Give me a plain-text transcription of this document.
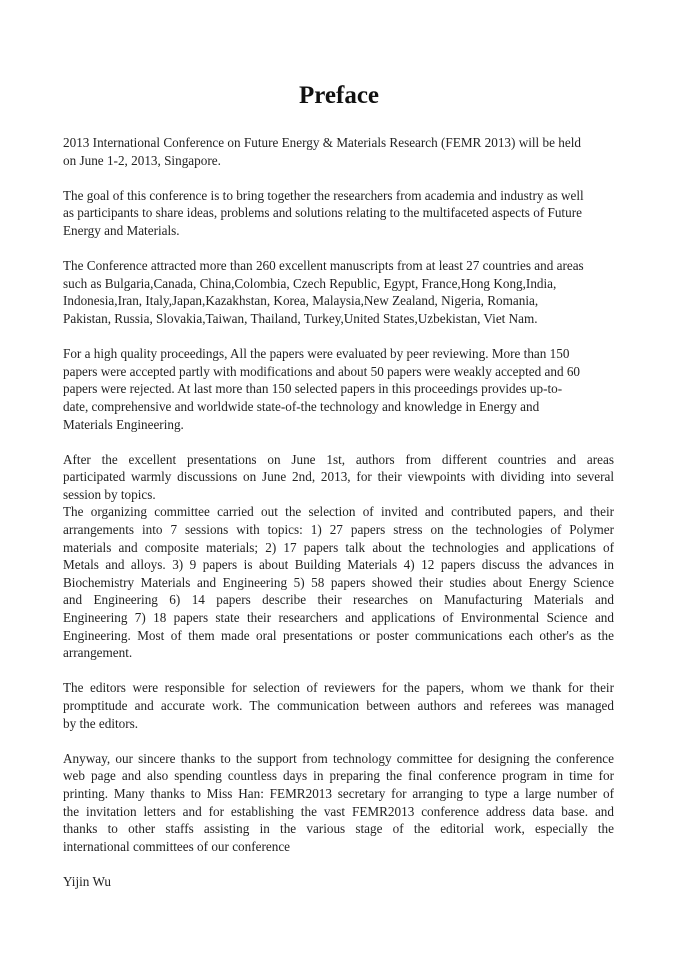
Preface
2013 International Conference on Future Energy & Materials Research (FEMR 2013) will be held
on June 1-2, 2013, Singapore.
The goal of this conference is to bring together the researchers from academia and industry as well
as participants to share ideas, problems and solutions relating to the multifaceted aspects of Future
Energy and Materials.
The Conference attracted more than 260 excellent manuscripts from at least 27 countries and areas
such as Bulgaria,Canada, China,Colombia, Czech Republic, Egypt, France,Hong Kong,India,
Indonesia,Iran, Italy,Japan,Kazakhstan, Korea, Malaysia,New Zealand, Nigeria, Romania,
Pakistan, Russia, Slovakia,Taiwan, Thailand, Turkey,United States,Uzbekistan, Viet Nam.
For a high quality proceedings, All the papers were evaluated by peer reviewing. More than 150
papers were accepted partly with modifications and about 50 papers were weakly accepted and 60
papers were rejected. At last more than 150 selected papers in this proceedings provides up-to-
date, comprehensive and worldwide state-of-the technology and knowledge in Energy and
Materials Engineering.
After the excellent presentations on June 1st, authors from different countries and areas
participated warmly discussions on June 2nd, 2013, for their viewpoints with dividing into several
session by topics.
The organizing committee carried out the selection of invited and contributed papers, and their
arrangements into 7 sessions with topics: 1) 27 papers stress on the technologies of Polymer
materials and composite materials; 2) 17 papers talk about the technologies and applications of
Metals and alloys. 3) 9 papers is about Building Materials 4) 12 papers discuss the advances in
Biochemistry Materials and Engineering 5) 58 papers showed their studies about Energy Science
and Engineering 6) 14 papers describe their researches on Manufacturing Materials and
Engineering 7) 18 papers state their researchers and applications of Environmental Science and
Engineering. Most of them made oral presentations or poster communications each other's as the
arrangement.
The editors were responsible for selection of reviewers for the papers, whom we thank for their
promptitude and accurate work. The communication between authors and referees was managed
by the editors.
Anyway, our sincere thanks to the support from technology committee for designing the conference
web page and also spending countless days in preparing the final conference program in time for
printing. Many thanks to Miss Han: FEMR2013 secretary for arranging to type a large number of
the invitation letters and for establishing the vast FEMR2013 conference address data base. and
thanks to other staffs assisting in the various stage of the editorial work, especially the
international committees of our conference

Yijin Wu
